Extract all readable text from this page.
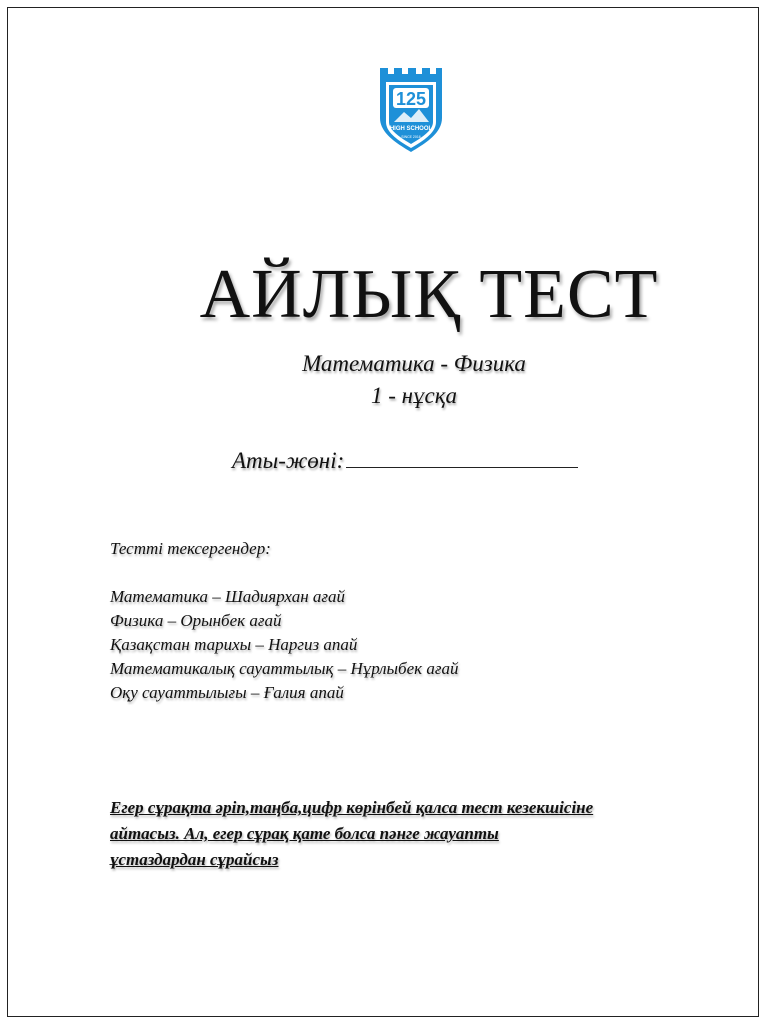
125
HIGH SCHOOL
SINCE 2016
АЙЛЫҚ ТЕСТ
Математика - Физика
1 - нұсқа
Аты-жөні:
Тестті тексергендер:
Математика – Шадиярхан ағай
Физика – Орынбек ағай
Қазақстан тарихы – Наргиз апай
Математикалық сауаттылық – Нұрлыбек ағай
Оқу сауаттылығы – Ғалия апай
Егер сұрақта әріп,таңба,цифр көрінбей қалса тест кезекшісіне
айтасыз. Ал, егер сұрақ қате болса пәнге жауапты
ұстаздардан сұрайсыз
